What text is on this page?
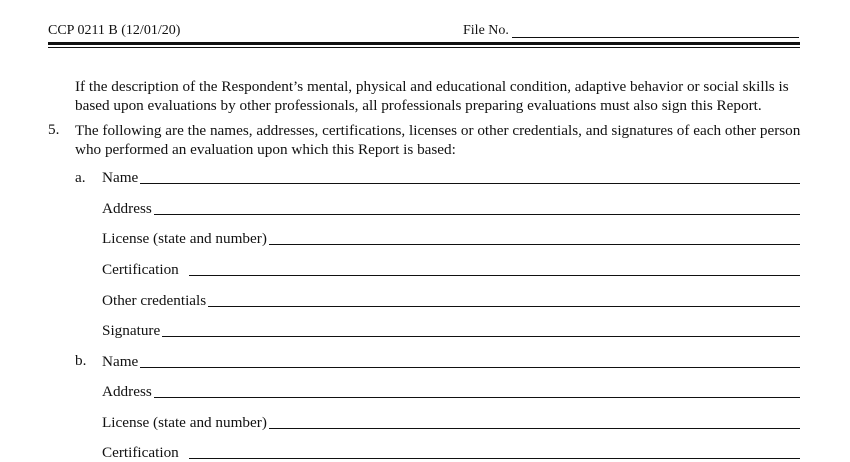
CCP 0211 B (12/01/20)	File No.
If the description of the Respondent’s mental, physical and educational condition, adaptive behavior or social skills is
based upon evaluations by other professionals, all professionals preparing evaluations must also sign this Report.
5. The following are the names, addresses, certifications, licenses or other credentials, and signatures of each other person
who performed an evaluation upon which this Report is based:
a. Name
Address
License (state and number)
Certification
Other credentials
Signature
b. Name
Address
License (state and number)
Certification
